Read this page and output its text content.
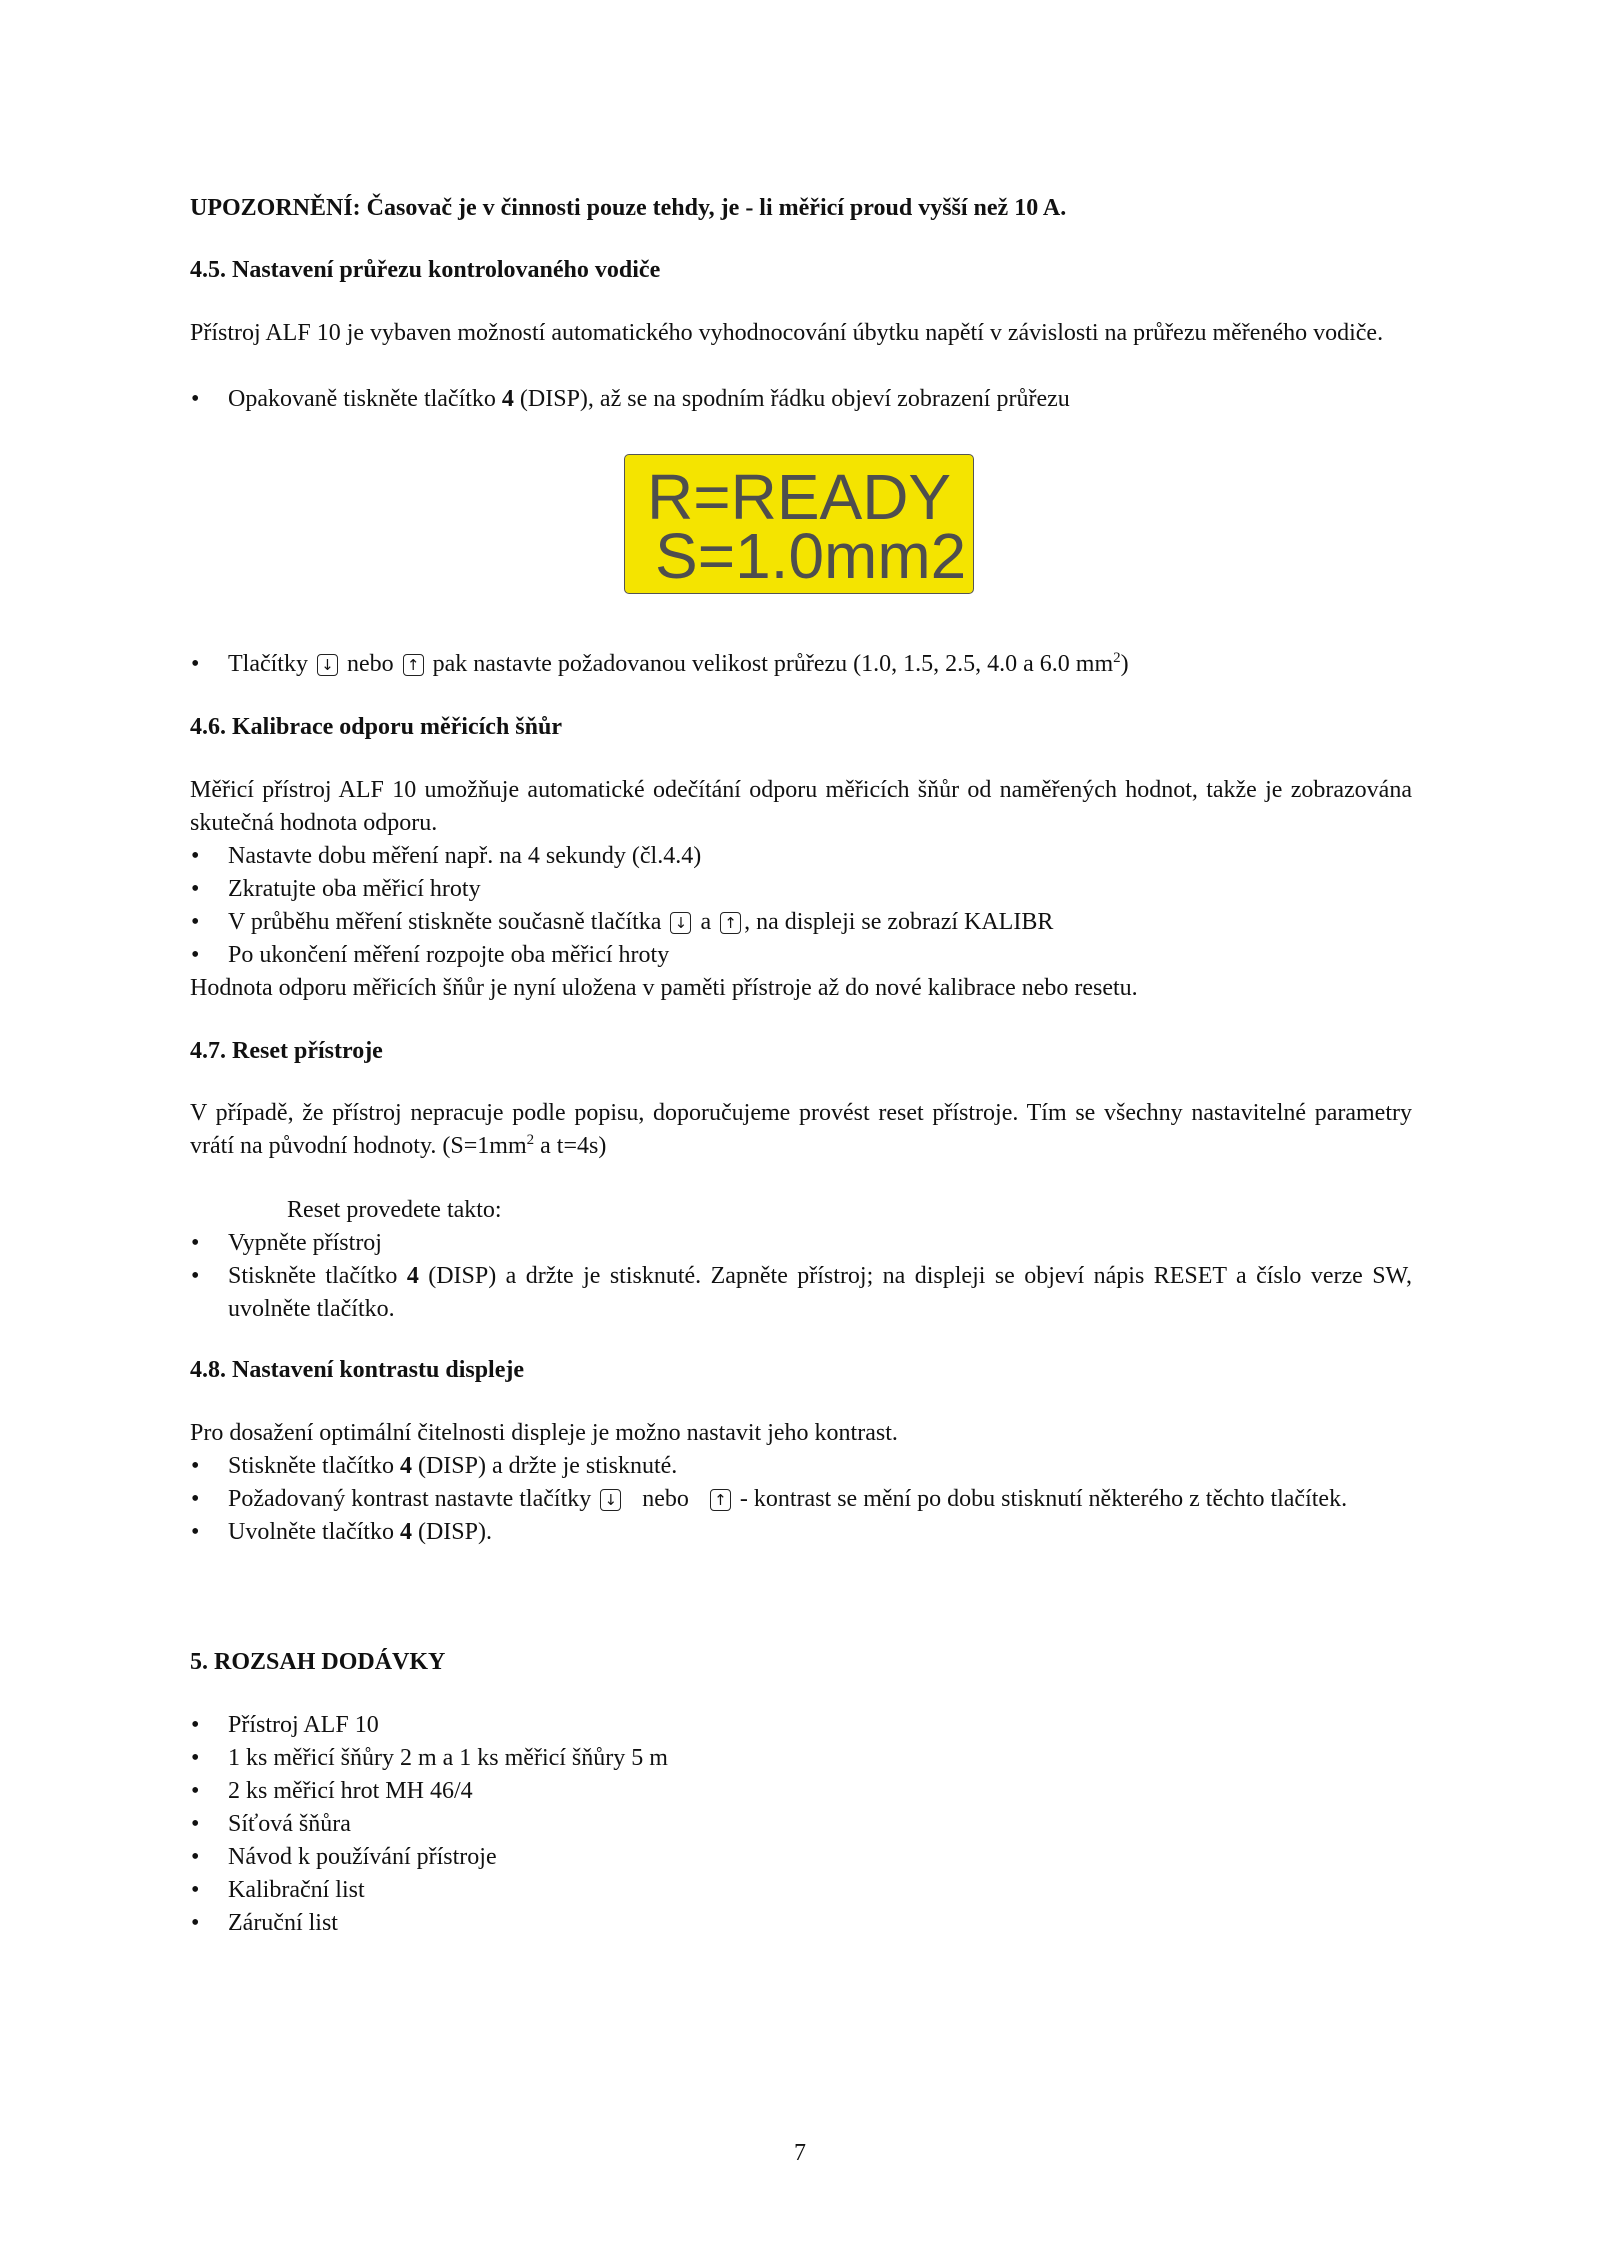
UPOZORNĚNÍ: Časovač je v činnosti pouze tehdy, je - li měřicí proud vyšší než 10 A.
4.5. Nastavení průřezu kontrolovaného vodiče
Přístroj ALF 10 je vybaven možností automatického vyhodnocování úbytku napětí v závislosti na průřezu měřeného vodiče.
• Opakovaně tiskněte tlačítko 4 (DISP), až se na spodním řádku objeví zobrazení průřezu
R=READY
S=1.0mm2
• Tlačítky ↓ nebo ↑ pak nastavte požadovanou velikost průřezu (1.0, 1.5, 2.5, 4.0 a 6.0 $mm^2$)
4.6. Kalibrace odporu měřicích šňůr
Měřicí přístroj ALF 10 umožňuje automatické odečítání odporu měřicích šňůr od naměřených hodnot, takže je zobrazována skutečná hodnota odporu.
• Nastavte dobu měření např. na 4 sekundy (čl.4.4)
• Zkratujte oba měřicí hroty
• V průběhu měření stiskněte současně tlačítka ↓ a ↑ , na displeji se zobrazí KALIBR
• Po ukončení měření rozpojte oba měřicí hroty
Hodnota odporu měřicích šňůr je nyní uložena v paměti přístroje až do nové kalibrace nebo resetu.
4.7. Reset přístroje
V případě, že přístroj nepracuje podle popisu, doporučujeme provést reset přístroje. Tím se všechny nastavitelné parametry vrátí na původní hodnoty. ($S=1mm^2$ a t=4s)
Reset provedete takto:
• Vypněte přístroj
• Stiskněte tlačítko 4 (DISP) a držte je stisknuté. Zapněte přístroj; na displeji se objeví nápis RESET a číslo verze SW, uvolněte tlačítko.
4.8. Nastavení kontrastu displeje
Pro dosažení optimální čitelnosti displeje je možno nastavit jeho kontrast.
• Stiskněte tlačítko 4 (DISP) a držte je stisknuté.
• Požadovaný kontrast nastavte tlačítky ↓ nebo ↑ - kontrast se mění po dobu stisknutí některého z těchto tlačítek.
• Uvolněte tlačítko 4 (DISP).
5. ROZSAH DODÁVKY
• Přístroj ALF 10
• 1 ks měřicí šňůry 2 m a 1 ks měřicí šňůry 5 m
• 2 ks měřicí hrot MH 46/4
• Síťová šňůra
• Návod k používání přístroje
• Kalibrační list
• Záruční list
7
